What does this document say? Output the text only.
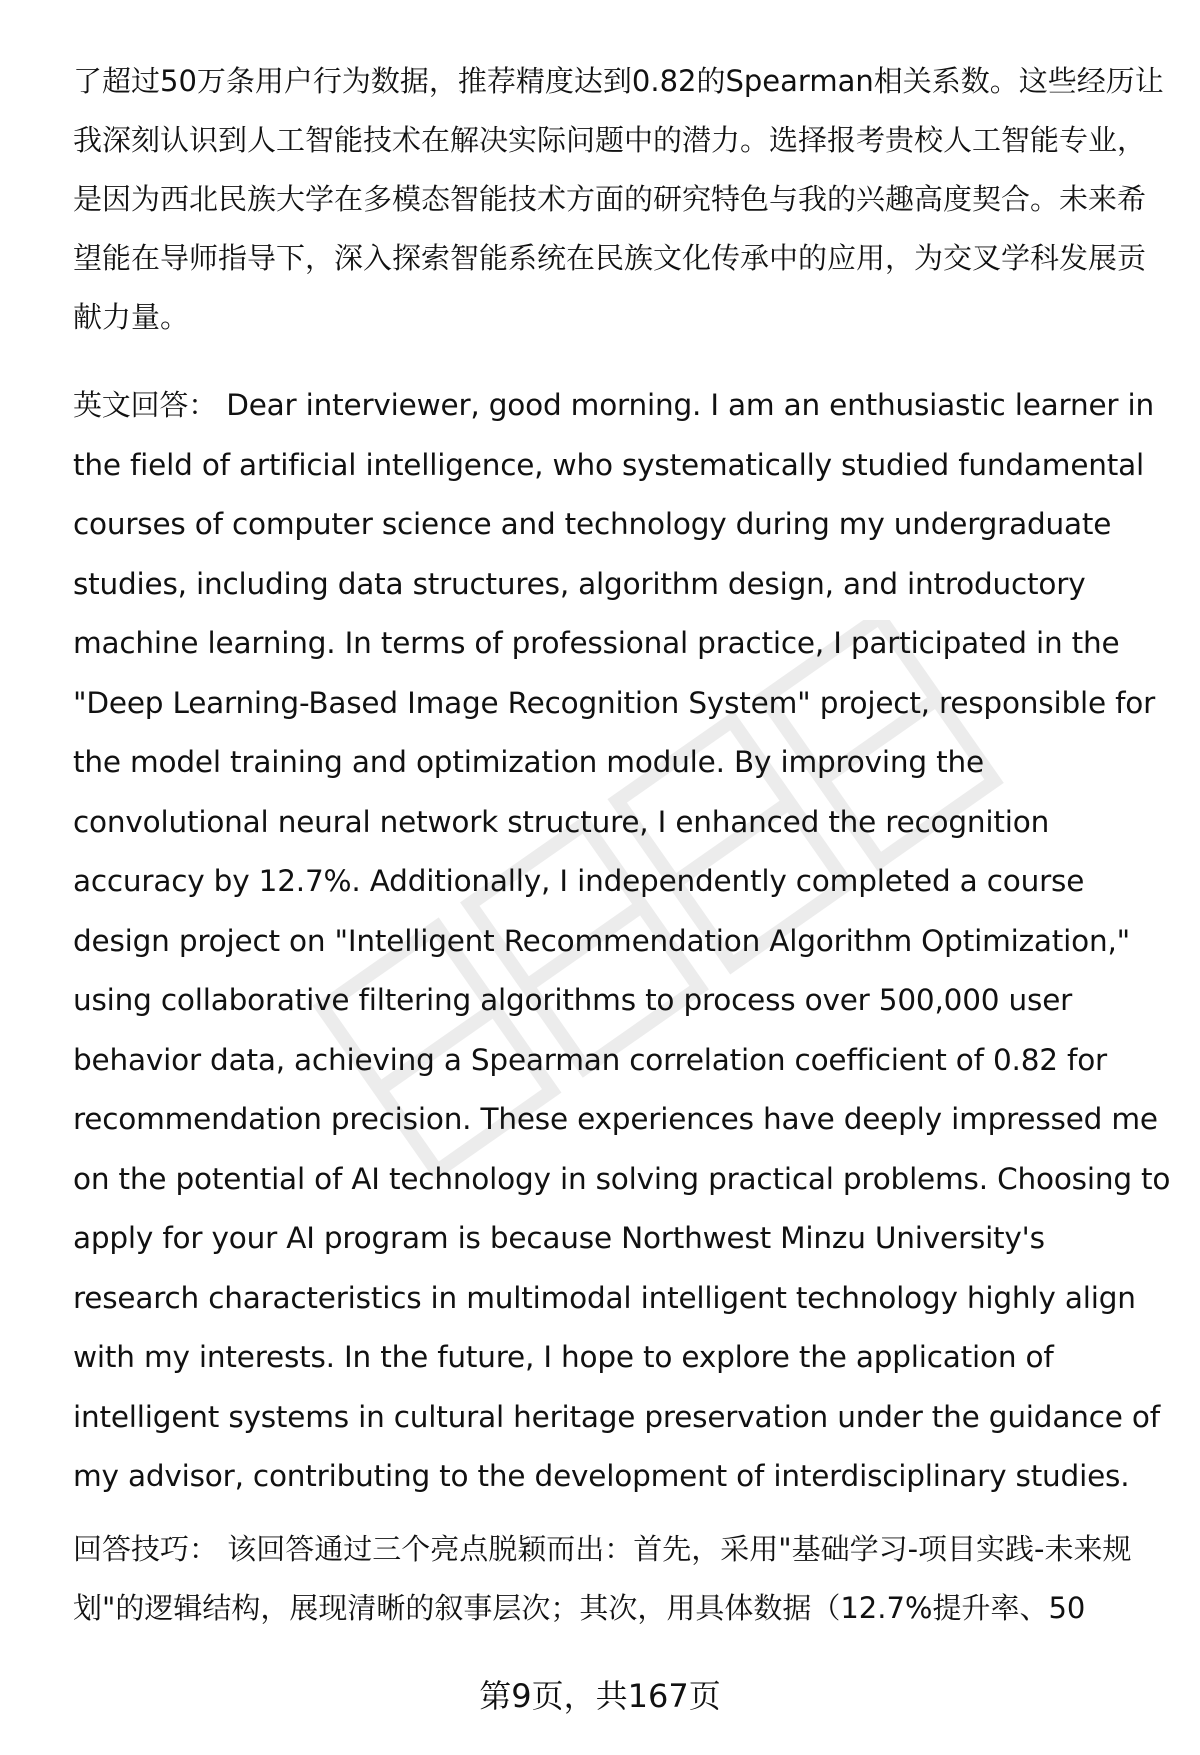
了超过50万条用户行为数据，推荐精度达到0.82的Spearman相关系数。这些经历让我深刻认识到人工智能技术在解决实际问题中的潜力。选择报考贵校人工智能专业，是因为西北民族大学在多模态智能技术方面的研究特色与我的兴趣高度契合。未来希望能在导师指导下，深入探索智能系统在民族文化传承中的应用，为交叉学科发展贡献力量。

英文回答： Dear interviewer, good morning. I am an enthusiastic learner in the field of artificial intelligence, who systematically studied fundamental courses of computer science and technology during my undergraduate studies, including data structures, algorithm design, and introductory machine learning. In terms of professional practice, I participated in the "Deep Learning-Based Image Recognition System" project, responsible for the model training and optimization module. By improving the convolutional neural network structure, I enhanced the recognition accuracy by 12.7%. Additionally, I independently completed a course design project on "Intelligent Recommendation Algorithm Optimization," using collaborative filtering algorithms to process over 500,000 user behavior data, achieving a Spearman correlation coefficient of 0.82 for recommendation precision. These experiences have deeply impressed me on the potential of AI technology in solving practical problems. Choosing to apply for your AI program is because Northwest Minzu University's research characteristics in multimodal intelligent technology highly align with my interests. In the future, I hope to explore the application of intelligent systems in cultural heritage preservation under the guidance of my advisor, contributing to the development of interdisciplinary studies.

回答技巧： 该回答通过三个亮点脱颖而出：首先，采用"基础学习-项目实践-未来规划"的逻辑结构，展现清晰的叙事层次；其次，用具体数据（12.7%提升率、50

第9页，共167页
